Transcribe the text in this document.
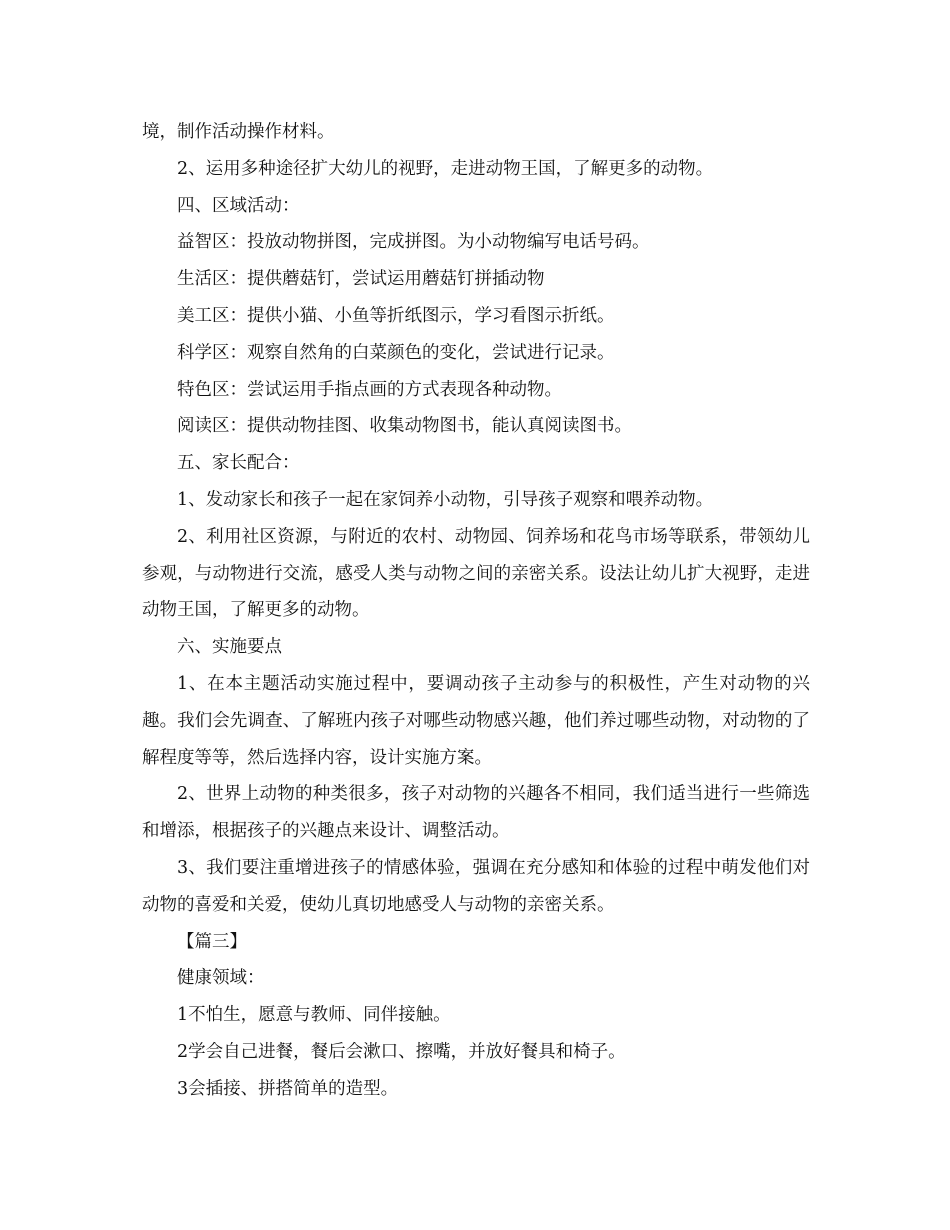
境，制作活动操作材料。

2、运用多种途径扩大幼儿的视野，走进动物王国，了解更多的动物。

四、区域活动：

益智区：投放动物拼图，完成拼图。为小动物编写电话号码。

生活区：提供蘑菇钉，尝试运用蘑菇钉拼插动物

美工区：提供小猫、小鱼等折纸图示，学习看图示折纸。

科学区：观察自然角的白菜颜色的变化，尝试进行记录。

特色区：尝试运用手指点画的方式表现各种动物。

阅读区：提供动物挂图、收集动物图书，能认真阅读图书。

五、家长配合：

1、发动家长和孩子一起在家饲养小动物，引导孩子观察和喂养动物。

2、利用社区资源，与附近的农村、动物园、饲养场和花鸟市场等联系，带领幼儿参观，与动物进行交流，感受人类与动物之间的亲密关系。设法让幼儿扩大视野，走进动物王国，了解更多的动物。

六、实施要点

1、在本主题活动实施过程中，要调动孩子主动参与的积极性，产生对动物的兴趣。我们会先调查、了解班内孩子对哪些动物感兴趣，他们养过哪些动物，对动物的了解程度等等，然后选择内容，设计实施方案。

2、世界上动物的种类很多，孩子对动物的兴趣各不相同，我们适当进行一些筛选和增添，根据孩子的兴趣点来设计、调整活动。

3、我们要注重增进孩子的情感体验，强调在充分感知和体验的过程中萌发他们对动物的喜爱和关爱，使幼儿真切地感受人与动物的亲密关系。

【篇三】

健康领域：

1不怕生，愿意与教师、同伴接触。

2学会自己进餐，餐后会漱口、擦嘴，并放好餐具和椅子。

3会插接、拼搭简单的造型。
